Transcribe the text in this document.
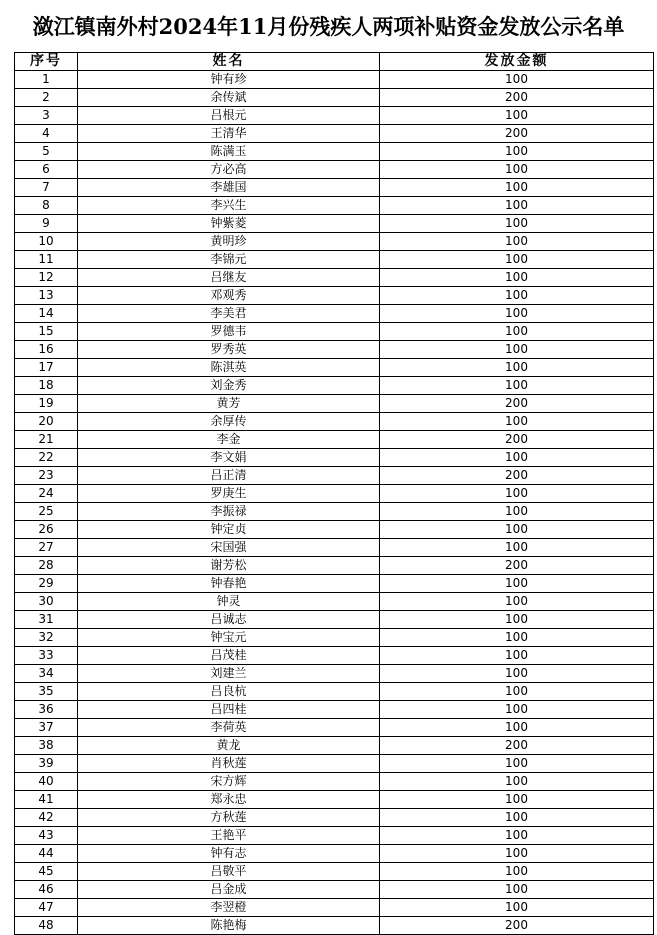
潋江镇南外村2024年11月份残疾人两项补贴资金发放公示名单
序号	姓名	发放金额
1	钟有珍	100
2	余传斌	200
3	吕根元	100
4	王清华	200
5	陈满玉	100
6	方必高	100
7	李雄国	100
8	李兴生	100
9	钟紫菱	100
10	黄明珍	100
11	李锦元	100
12	吕继友	100
13	邓观秀	100
14	李美君	100
15	罗德韦	100
16	罗秀英	100
17	陈淇英	100
18	刘金秀	100
19	黄芳	200
20	余厚传	100
21	李金	200
22	李文娟	100
23	吕正清	200
24	罗庚生	100
25	李振禄	100
26	钟定贞	100
27	宋国强	100
28	谢芳松	200
29	钟春艳	100
30	钟灵	100
31	吕诚志	100
32	钟宝元	100
33	吕茂桂	100
34	刘建兰	100
35	吕良杭	100
36	吕四桂	100
37	李荷英	100
38	黄龙	200
39	肖秋莲	100
40	宋方辉	100
41	郑永忠	100
42	方秋莲	100
43	王艳平	100
44	钟有志	100
45	吕敬平	100
46	吕金成	100
47	李翌橙	100
48	陈艳梅	200
